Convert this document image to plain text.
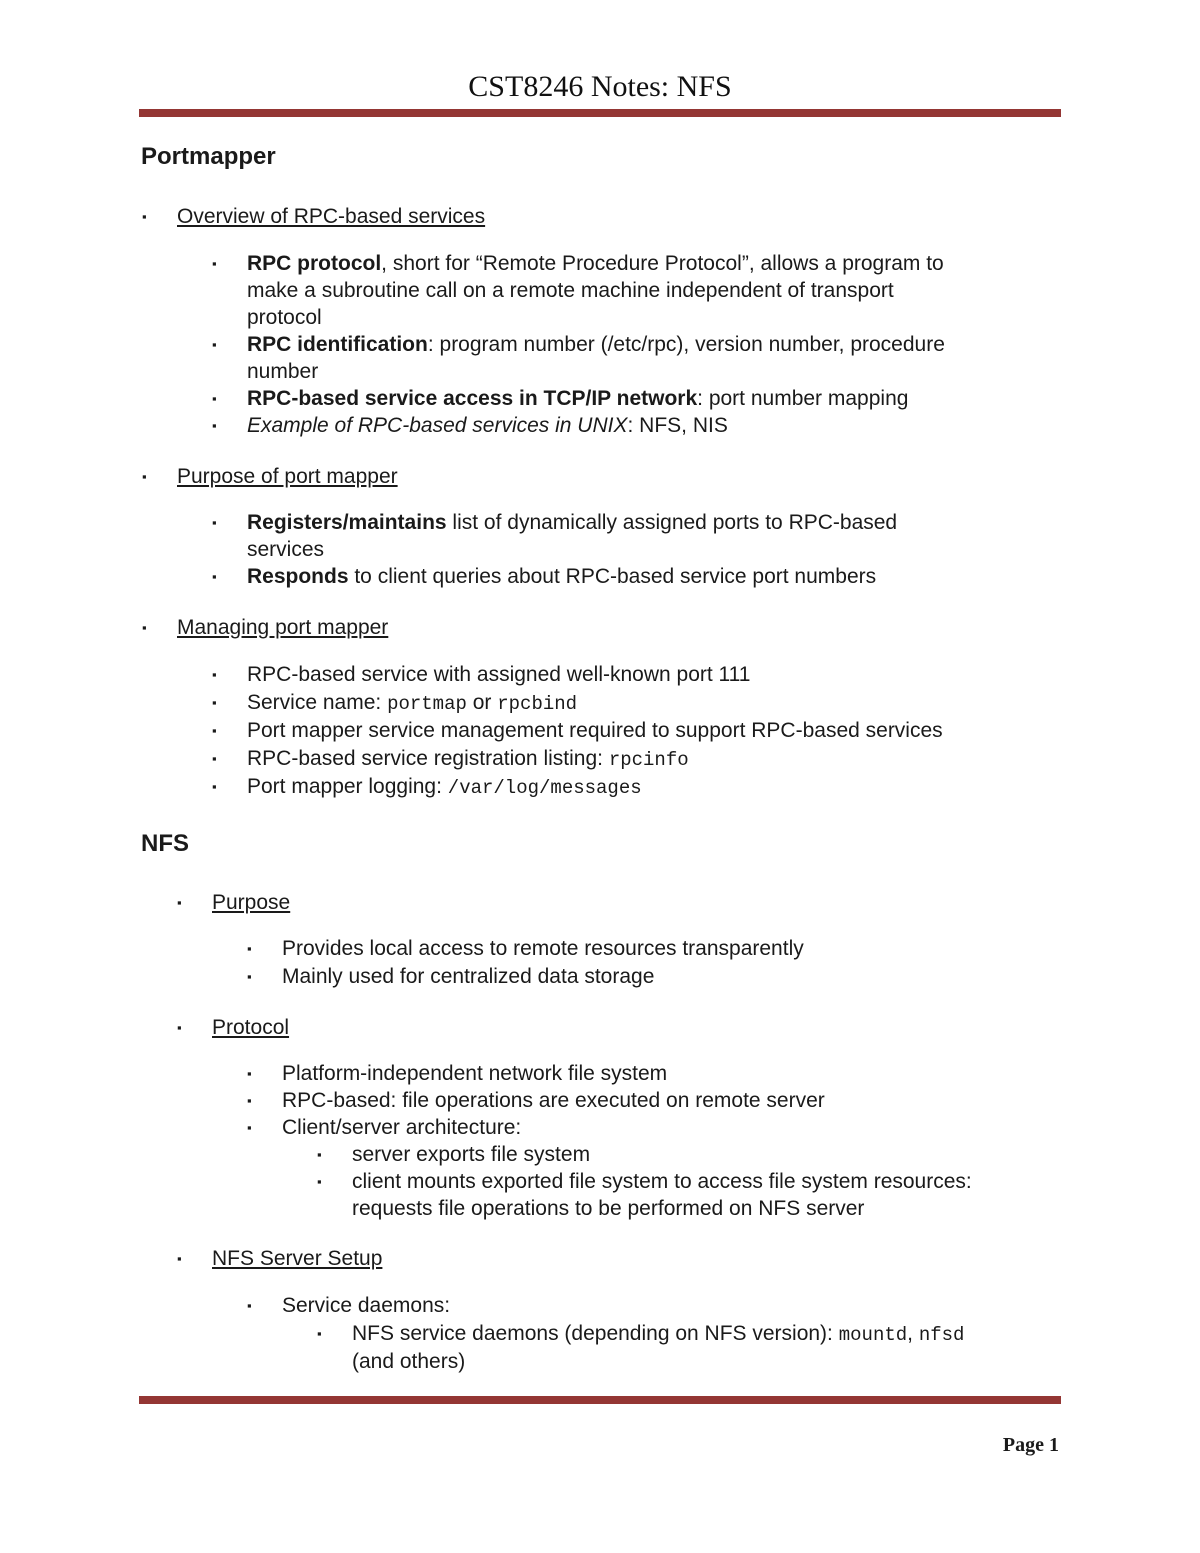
CST8246 Notes: NFS
Portmapper
▪ Overview of RPC-based services
▪ RPC protocol, short for “Remote Procedure Protocol”, allows a program to
make a subroutine call on a remote machine independent of transport
protocol
▪ RPC identification: program number (/etc/rpc), version number, procedure
number
▪ RPC-based service access in TCP/IP network: port number mapping
▪ Example of RPC-based services in UNIX: NFS, NIS
▪ Purpose of port mapper
▪ Registers/maintains list of dynamically assigned ports to RPC-based
services
▪ Responds to client queries about RPC-based service port numbers
▪ Managing port mapper
▪ RPC-based service with assigned well-known port 111
▪ Service name: portmap or rpcbind
▪ Port mapper service management required to support RPC-based services
▪ RPC-based service registration listing: rpcinfo
▪ Port mapper logging: /var/log/messages
NFS
▪ Purpose
▪ Provides local access to remote resources transparently
▪ Mainly used for centralized data storage
▪ Protocol
▪ Platform-independent network file system
▪ RPC-based: file operations are executed on remote server
▪ Client/server architecture:
▪ server exports file system
▪ client mounts exported file system to access file system resources:
requests file operations to be performed on NFS server
▪ NFS Server Setup
▪ Service daemons:
▪ NFS service daemons (depending on NFS version): mountd, nfsd
(and others)
Page 1
